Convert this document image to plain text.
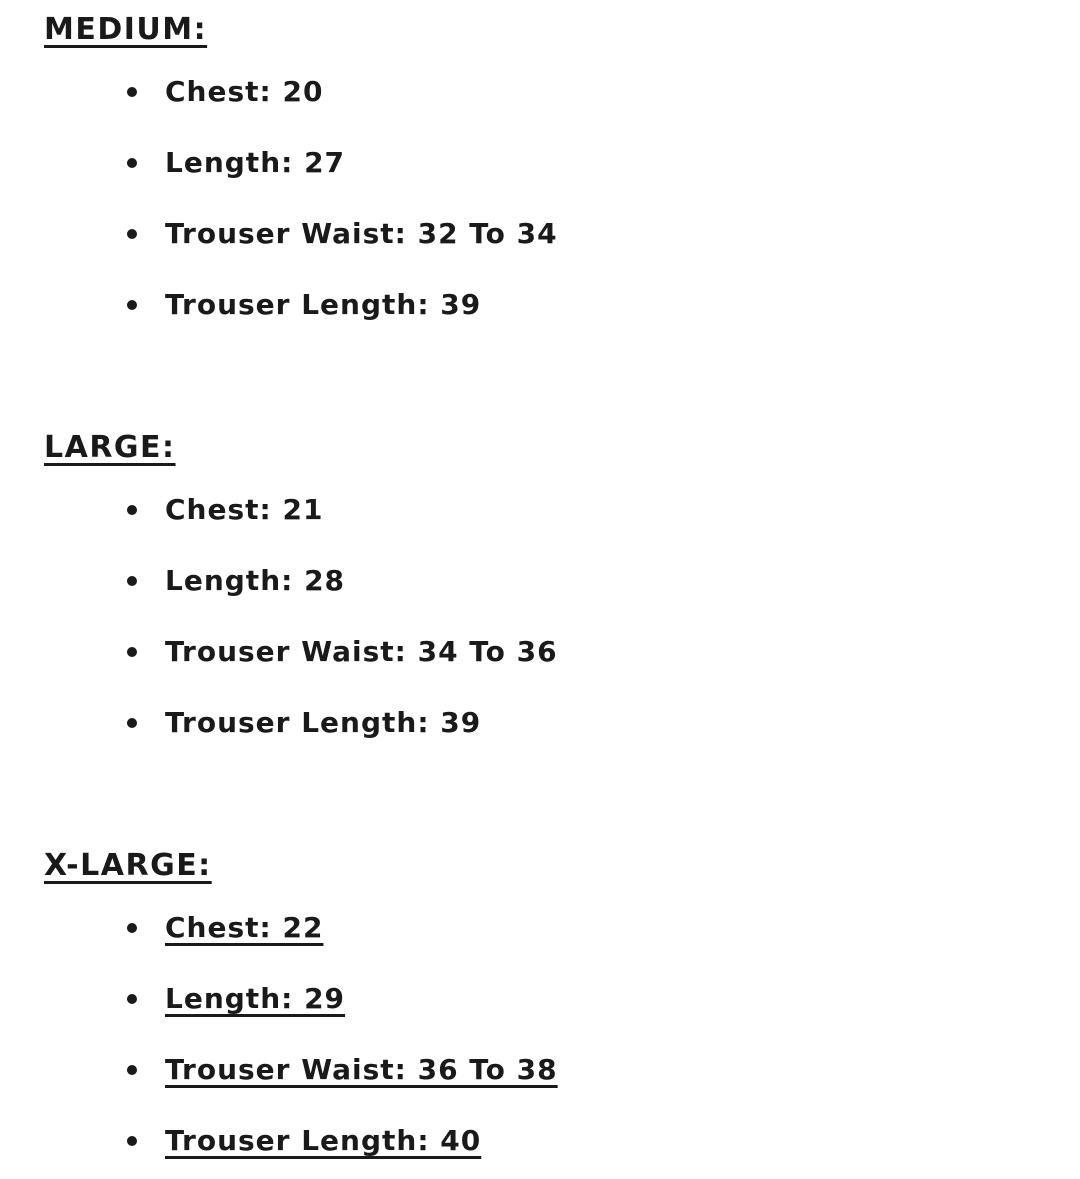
MEDIUM:
Chest: 20
Length: 27
Trouser Waist: 32 To 34
Trouser Length: 39
LARGE:
Chest: 21
Length: 28
Trouser Waist: 34 To 36
Trouser Length: 39
X-LARGE:
Chest: 22
Length: 29
Trouser Waist: 36 To 38
Trouser Length: 40
